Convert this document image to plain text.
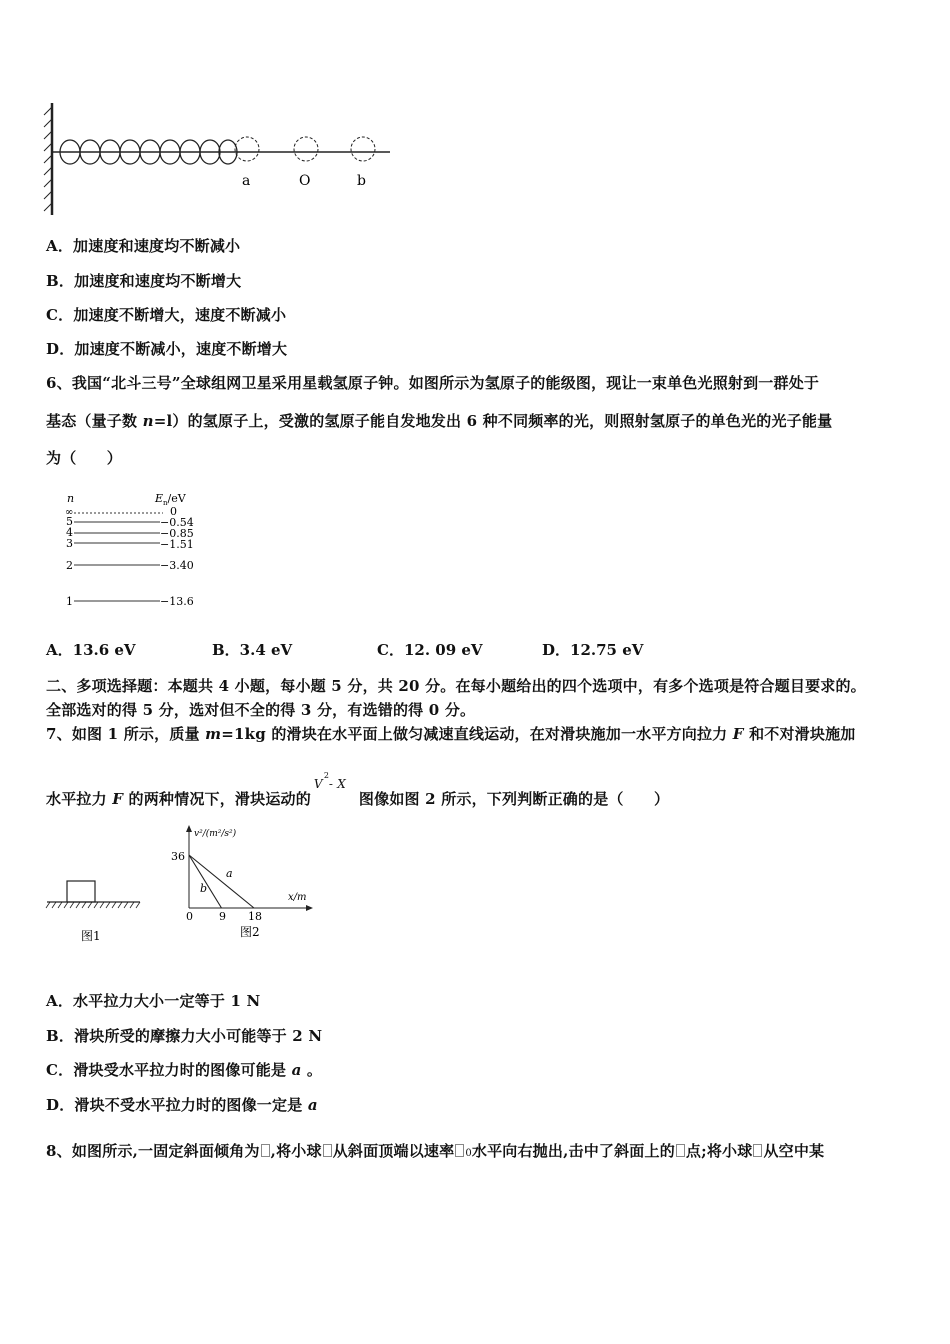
a	O	b
A．加速度和速度均不断减小
B．加速度和速度均不断增大
C．加速度不断增大，速度不断减小
D．加速度不断减小，速度不断增大
6、我国“北斗三号”全球组网卫星采用星载氢原子钟。如图所示为氢原子的能级图，现让一束单色光照射到一群处于
基态（量子数 n=l）的氢原子上，受激的氢原子能自发地发出 6 种不同频率的光，则照射氢原子的单色光的光子能量
为（　　）
n	$E_n/eV$
∞	0
5	−0.54
4	−0.85
3	−1.51
2	−3.40
1	−13.6
A．13.6 eV	B．3.4 eV	C．12. 09 eV	D．12.75 eV
二、多项选择题：本题共 4 小题，每小题 5 分，共 20 分。在每小题给出的四个选项中，有多个选项是符合题目要求的。
全部选对的得 5 分，选对但不全的得 3 分，有选错的得 0 分。
7、如图 1 所示，质量 m=1kg 的滑块在水平面上做匀减速直线运动，在对滑块施加一水平方向拉力 F 和不对滑块施加
水平拉力 F 的两种情况下，滑块运动的
V
2
- X
图像如图 2 所示，下列判断正确的是（　　）
图1
v²/(m²/s²)
x/m
36
0 9 18
a
b
图2
A．水平拉力大小一定等于 1 N
B．滑块所受的摩擦力大小可能等于 2 N
C．滑块受水平拉力时的图像可能是 a 。
D．滑块不受水平拉力时的图像一定是 a
8、如图所示,一固定斜面倾角为 ,将小球 从斜面顶端以速率 0水平向右抛出,击中了斜面上的 点;将小球 从空中某
